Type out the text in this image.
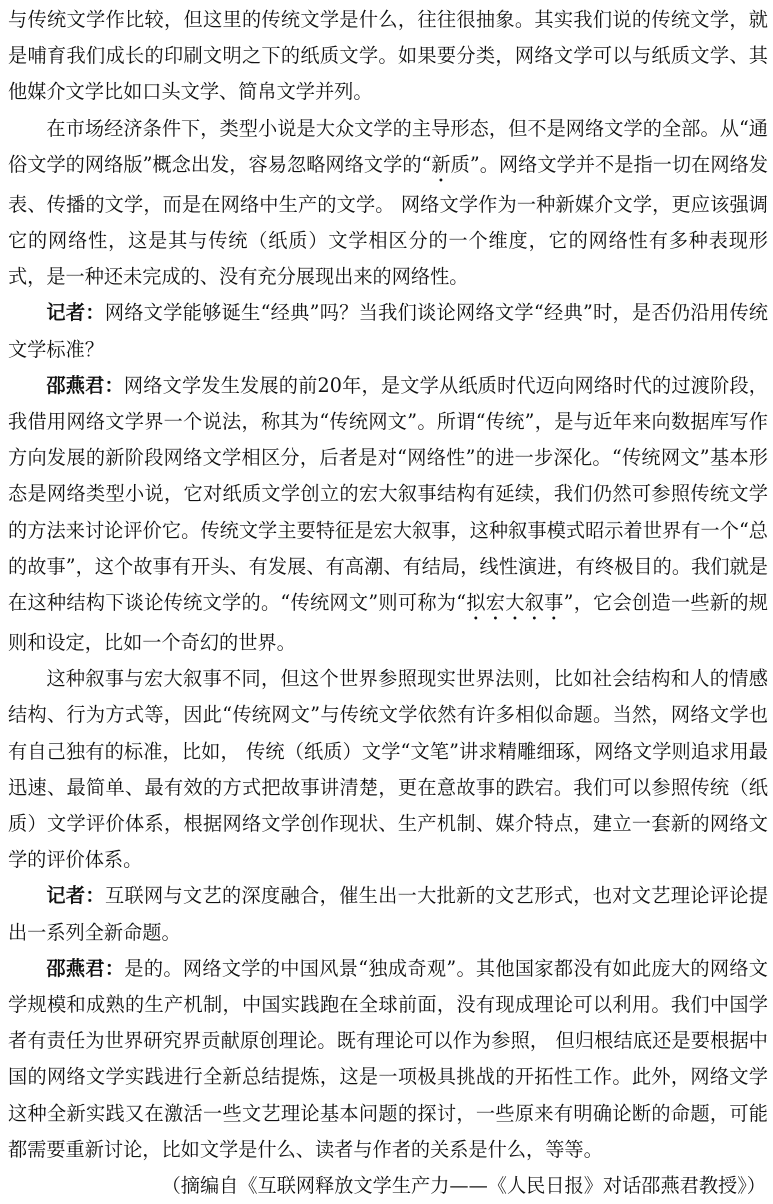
与传统文学作比较，但这里的传统文学是什么，往往很抽象。其实我们说的传统文学，就是哺育我们成长的印刷文明之下的纸质文学。如果要分类，网络文学可以与纸质文学、其他媒介文学比如口头文学、简帛文学并列。

在市场经济条件下，类型小说是大众文学的主导形态，但不是网络文学的全部。从“通俗文学的网络版”概念出发，容易忽略网络文学的“新质”。网络文学并不是指一切在网络发表、传播的文学，而是在网络中生产的文学。 网络文学作为一种新媒介文学，更应该强调它的网络性，这是其与传统（纸质）文学相区分的一个维度，它的网络性有多种表现形式，是一种还未完成的、没有充分展现出来的网络性。

记者：网络文学能够诞生“经典”吗？当我们谈论网络文学“经典”时，是否仍沿用传统文学标准？

邵燕君：网络文学发生发展的前20年，是文学从纸质时代迈向网络时代的过渡阶段，我借用网络文学界一个说法，称其为“传统网文”。所谓“传统”，是与近年来向数据库写作方向发展的新阶段网络文学相区分，后者是对“网络性”的进一步深化。“传统网文”基本形态是网络类型小说，它对纸质文学创立的宏大叙事结构有延续，我们仍然可参照传统文学的方法来讨论评价它。传统文学主要特征是宏大叙事，这种叙事模式昭示着世界有一个“总的故事”，这个故事有开头、有发展、有高潮、有结局，线性演进，有终极目的。我们就是在这种结构下谈论传统文学的。“传统网文”则可称为“拟宏大叙事”，它会创造一些新的规则和设定，比如一个奇幻的世界。

这种叙事与宏大叙事不同，但这个世界参照现实世界法则，比如社会结构和人的情感结构、行为方式等，因此“传统网文”与传统文学依然有许多相似命题。当然，网络文学也有自己独有的标准，比如， 传统（纸质）文学“文笔”讲求精雕细琢，网络文学则追求用最迅速、最简单、最有效的方式把故事讲清楚，更在意故事的跌宕。我们可以参照传统（纸质）文学评价体系，根据网络文学创作现状、生产机制、媒介特点，建立一套新的网络文学的评价体系。

记者：互联网与文艺的深度融合，催生出一大批新的文艺形式，也对文艺理论评论提出一系列全新命题。

邵燕君：是的。网络文学的中国风景“独成奇观”。其他国家都没有如此庞大的网络文学规模和成熟的生产机制，中国实践跑在全球前面，没有现成理论可以利用。我们中国学者有责任为世界研究界贡献原创理论。既有理论可以作为参照， 但归根结底还是要根据中国的网络文学实践进行全新总结提炼，这是一项极具挑战的开拓性工作。此外，网络文学这种全新实践又在激活一些文艺理论基本问题的探讨，一些原来有明确论断的命题，可能都需要重新讨论，比如文学是什么、读者与作者的关系是什么，等等。

（摘编自《互联网释放文学生产力——《人民日报》对话邵燕君教授》）
